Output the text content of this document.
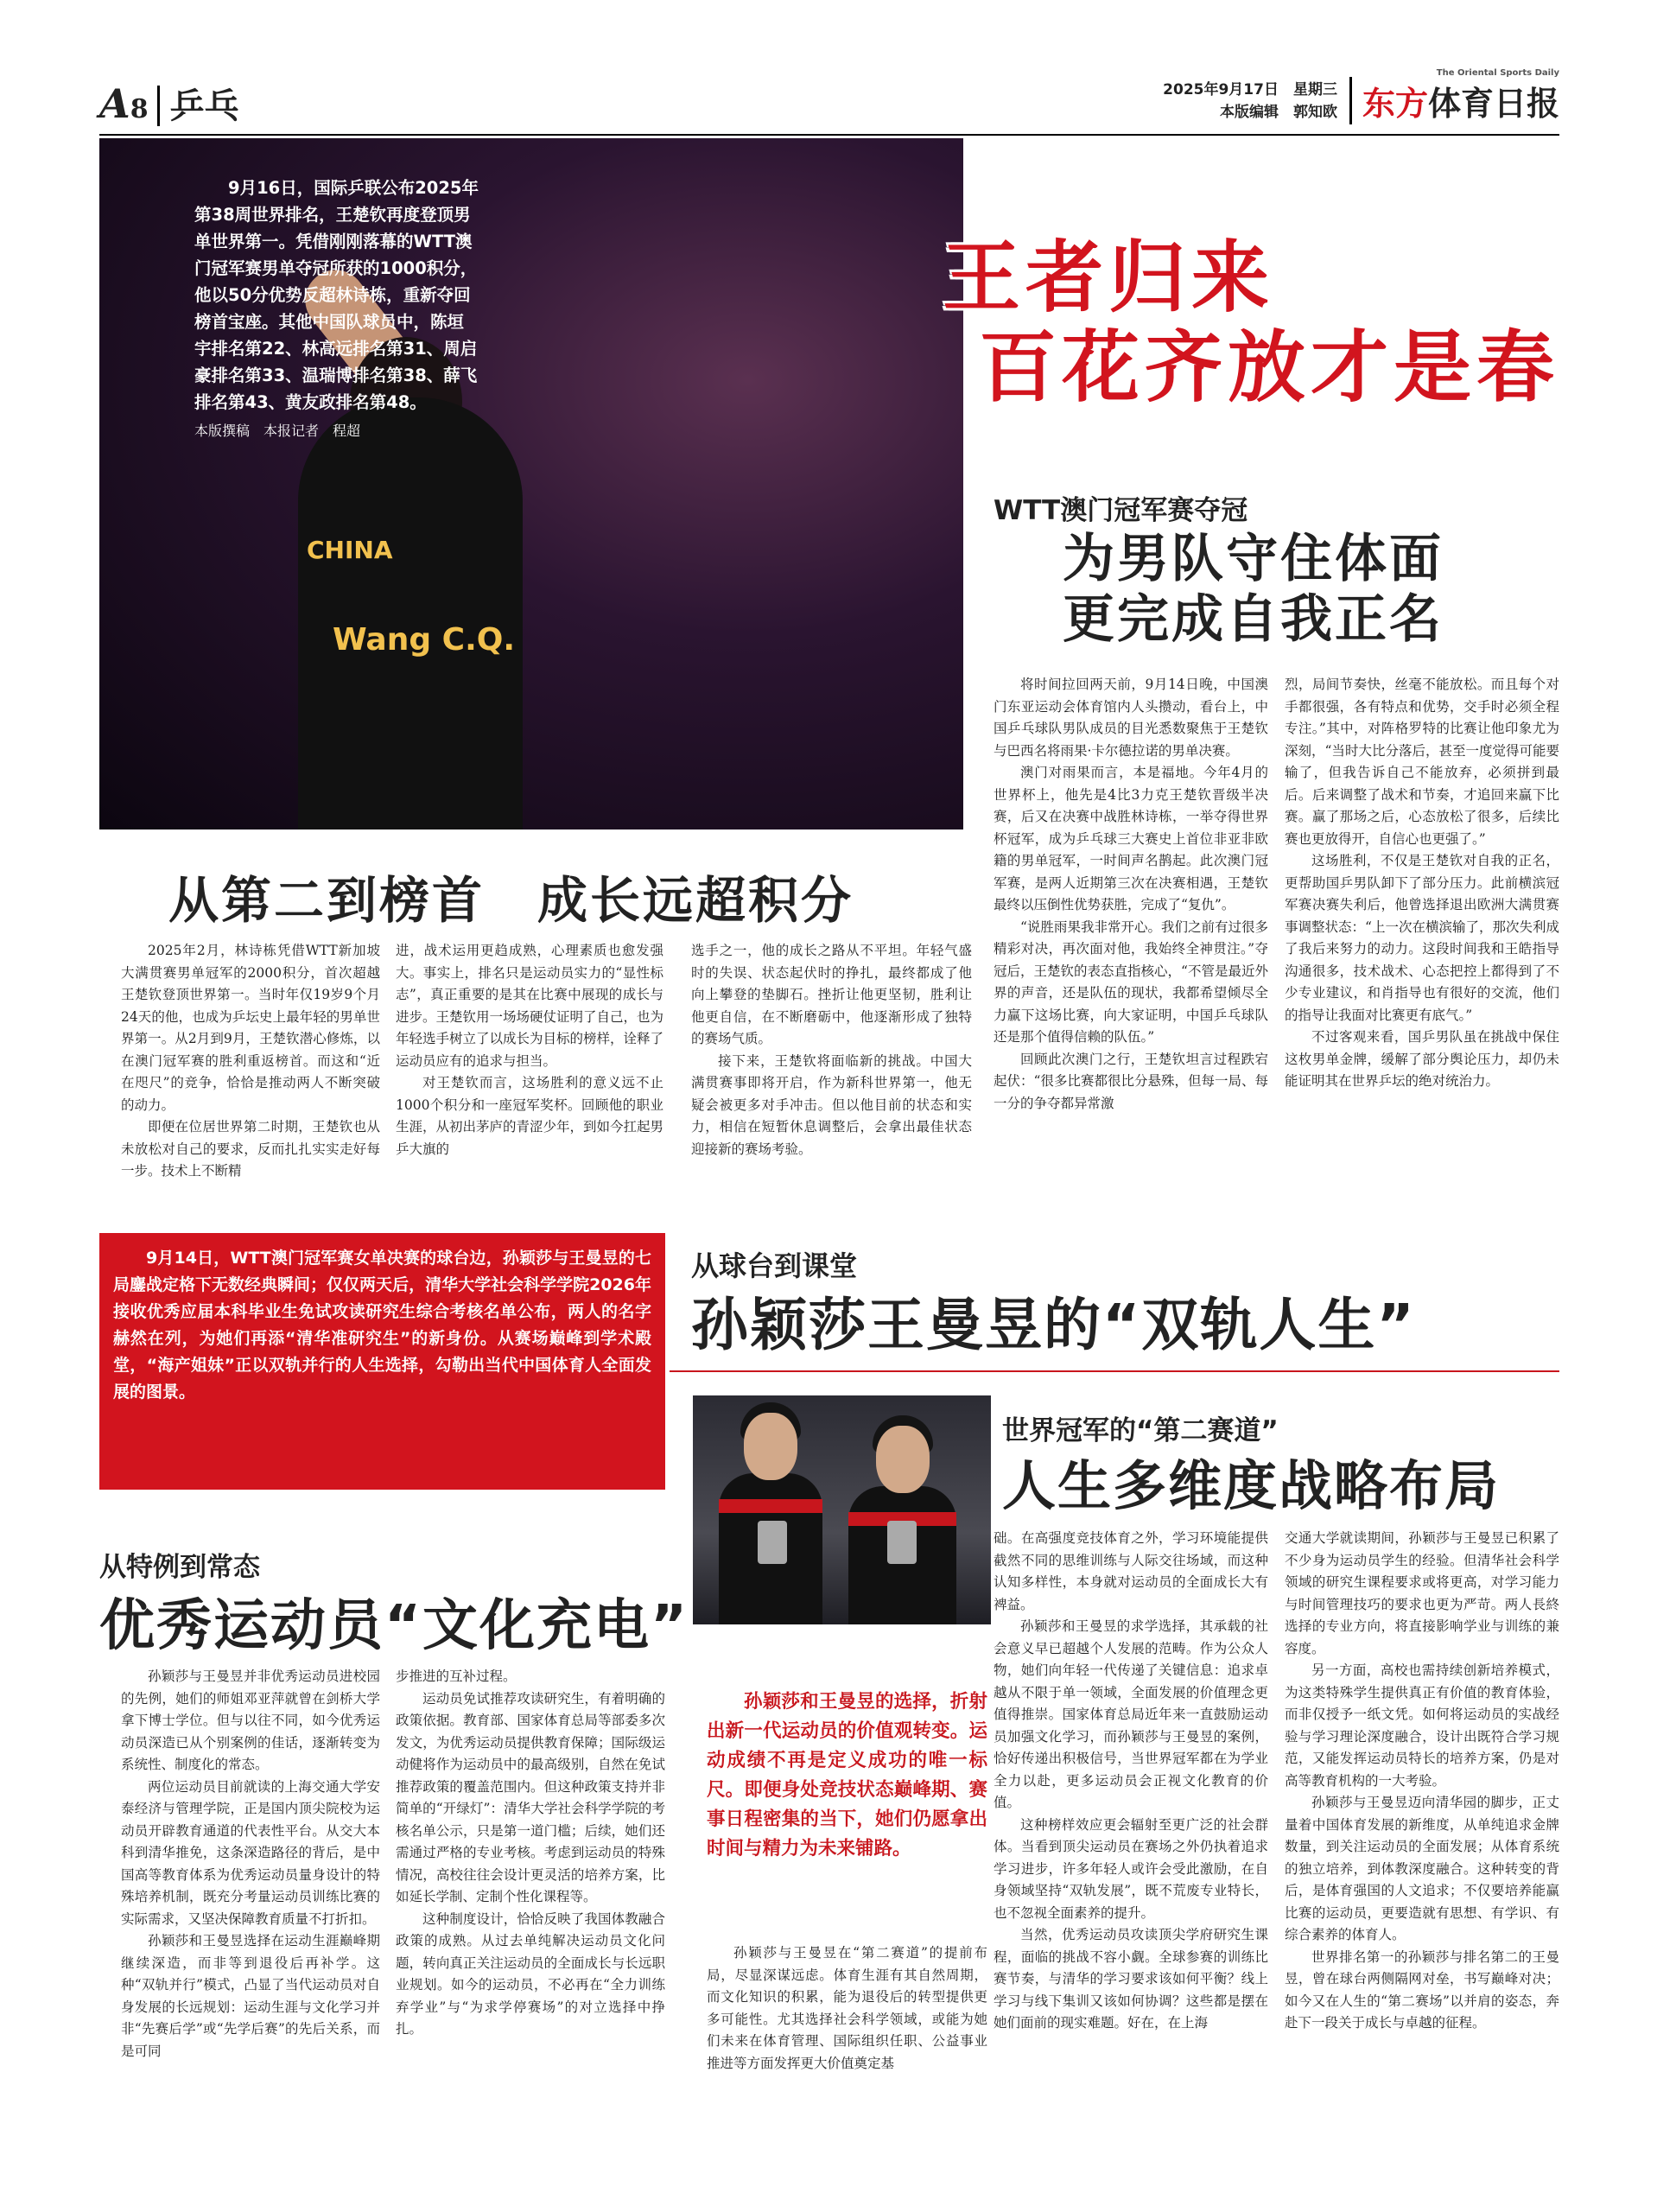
A8 乒乓	2025年9月17日　星期三
本版编辑　郭知欧
The Oriental Sports Daily
东方体育日报
CHINA
Wang C.Q.
9月16日，国际乒联公布2025年第38周世界排名，王楚钦再度登顶男单世界第一。凭借刚刚落幕的WTT澳门冠军赛男单夺冠所获的1000积分，他以50分优势反超林诗栋，重新夺回榜首宝座。其他中国队球员中，陈垣宇排名第22、林高远排名第31、周启豪排名第33、温瑞博排名第38、薛飞排名第43、黄友政排名第48。
本版撰稿　本报记者　程超
王者归来
百花齐放才是春
WTT澳门冠军赛夺冠
为男队守住体面
更完成自我正名

将时间拉回两天前，9月14日晚，中国澳门东亚运动会体育馆内人头攒动，看台上，中国乒乓球队男队成员的目光悉数聚焦于王楚钦与巴西名将雨果·卡尔德拉诺的男单决赛。

澳门对雨果而言，本是福地。今年4月的世界杯上，他先是4比3力克王楚钦晋级半决赛，后又在决赛中战胜林诗栋，一举夺得世界杯冠军，成为乒乓球三大赛史上首位非亚非欧籍的男单冠军，一时间声名鹊起。此次澳门冠军赛，是两人近期第三次在决赛相遇，王楚钦最终以压倒性优势获胜，完成了“复仇”。

“说胜雨果我非常开心。我们之前有过很多精彩对决，再次面对他，我始终全神贯注。”夺冠后，王楚钦的表态直指核心，“不管是最近外界的声音，还是队伍的现状，我都希望倾尽全力赢下这场比赛，向大家证明，中国乒乓球队还是那个值得信赖的队伍。”

回顾此次澳门之行，王楚钦坦言过程跌宕起伏：“很多比赛都很比分悬殊，但每一局、每一分的争夺都异常激

烈，局间节奏快，丝毫不能放松。而且每个对手都很强，各有特点和优势，交手时必须全程专注。”其中，对阵格罗特的比赛让他印象尤为深刻，“当时大比分落后，甚至一度觉得可能要输了，但我告诉自己不能放弃，必须拼到最后。后来调整了战术和节奏，才追回来赢下比赛。赢了那场之后，心态放松了很多，后续比赛也更放得开，自信心也更强了。”

这场胜利，不仅是王楚钦对自我的正名，更帮助国乒男队卸下了部分压力。此前横滨冠军赛决赛失利后，他曾选择退出欧洲大满贯赛事调整状态：“上一次在横滨输了，那次失利成了我后来努力的动力。这段时间我和王皓指导沟通很多，技术战术、心态把控上都得到了不少专业建议，和肖指导也有很好的交流，他们的指导让我面对比赛更有底气。”

不过客观来看，国乒男队虽在挑战中保住这枚男单金牌，缓解了部分舆论压力，却仍未能证明其在世界乒坛的绝对统治力。

从第二到榜首　成长远超积分

2025年2月，林诗栋凭借WTT新加坡大满贯赛男单冠军的2000积分，首次超越王楚钦登顶世界第一。当时年仅19岁9个月24天的他，也成为乒坛史上最年轻的男单世界第一。从2月到9月，王楚钦潜心修炼，以在澳门冠军赛的胜利重返榜首。而这和“近在咫尺”的竞争，恰恰是推动两人不断突破的动力。

即便在位居世界第二时期，王楚钦也从未放松对自己的要求，反而扎扎实实走好每一步。技术上不断精

进，战术运用更趋成熟，心理素质也愈发强大。事实上，排名只是运动员实力的“显性标志”，真正重要的是其在比赛中展现的成长与进步。王楚钦用一场场硬仗证明了自己，也为年轻选手树立了以成长为目标的榜样，诠释了运动员应有的追求与担当。

对王楚钦而言，这场胜利的意义远不止1000个积分和一座冠军奖杯。回顾他的职业生涯，从初出茅庐的青涩少年，到如今扛起男乒大旗的

选手之一，他的成长之路从不平坦。年轻气盛时的失误、状态起伏时的挣扎，最终都成了他向上攀登的垫脚石。挫折让他更坚韧，胜利让他更自信，在不断磨砺中，他逐渐形成了独特的赛场气质。

接下来，王楚钦将面临新的挑战。中国大满贯赛事即将开启，作为新科世界第一，他无疑会被更多对手冲击。但以他目前的状态和实力，相信在短暂休息调整后，会拿出最佳状态迎接新的赛场考验。

9月14日，WTT澳门冠军赛女单决赛的球台边，孙颖莎与王曼昱的七局鏖战定格下无数经典瞬间；仅仅两天后，清华大学社会科学学院2026年接收优秀应届本科毕业生免试攻读研究生综合考核名单公布，两人的名字赫然在列，为她们再添“清华准研究生”的新身份。从赛场巅峰到学术殿堂，“海产姐妹”正以双轨并行的人生选择，勾勒出当代中国体育人全面发展的图景。
从球台到课堂
孙颖莎王曼昱的“双轨人生”
世界冠军的“第二赛道”
人生多维度战略布局
孙颖莎和王曼昱的选择，折射出新一代运动员的价值观转变。运动成绩不再是定义成功的唯一标尺。即便身处竞技状态巅峰期、赛事日程密集的当下，她们仍愿拿出时间与精力为未来铺路。

孙颖莎与王曼昱在“第二赛道”的提前布局，尽显深谋远虑。体育生涯有其自然周期，而文化知识的积累，能为退役后的转型提供更多可能性。尤其选择社会科学领域，或能为她们未来在体育管理、国际组织任职、公益事业推进等方面发挥更大价值奠定基

础。在高强度竞技体育之外，学习环境能提供截然不同的思维训练与人际交往场域，而这种认知多样性，本身就对运动员的全面成长大有裨益。

孙颖莎和王曼昱的求学选择，其承载的社会意义早已超越个人发展的范畴。作为公众人物，她们向年轻一代传递了关键信息：追求卓越从不限于单一领域，全面发展的价值理念更值得推崇。国家体育总局近年来一直鼓励运动员加强文化学习，而孙颖莎与王曼昱的案例，恰好传递出积极信号，当世界冠军都在为学业全力以赴，更多运动员会正视文化教育的价值。

这种榜样效应更会辐射至更广泛的社会群体。当看到顶尖运动员在赛场之外仍执着追求学习进步，许多年轻人或许会受此激励，在自身领域坚持“双轨发展”，既不荒废专业特长，也不忽视全面素养的提升。

当然，优秀运动员攻读顶尖学府研究生课程，面临的挑战不容小觑。全球参赛的训练比赛节奏，与清华的学习要求该如何平衡？线上学习与线下集训又该如何协调？这些都是摆在她们面前的现实难题。好在，在上海

交通大学就读期间，孙颖莎与王曼昱已积累了不少身为运动员学生的经验。但清华社会科学领域的研究生课程要求或将更高，对学习能力与时间管理技巧的要求也更为严苛。两人長終选择的专业方向，将直接影响学业与训练的兼容度。

另一方面，高校也需持续创新培养模式，为这类特殊学生提供真正有价值的教育体验，而非仅授予一纸文凭。如何将运动员的实战经验与学习理论深度融合，设计出既符合学习规范，又能发挥运动员特长的培养方案，仍是对高等教育机构的一大考验。

孙颖莎与王曼昱迈向清华园的脚步，正丈量着中国体育发展的新维度，从单纯追求金牌数量，到关注运动员的全面发展；从体育系统的独立培养，到体教深度融合。这种转变的背后，是体育强国的人文追求；不仅要培养能赢比赛的运动员，更要造就有思想、有学识、有综合素养的体育人。

世界排名第一的孙颖莎与排名第二的王曼昱，曾在球台两侧隔网对垒，书写巅峰对决；如今又在人生的“第二赛场”以并肩的姿态，奔赴下一段关于成长与卓越的征程。

从特例到常态
优秀运动员“文化充电”

孙颖莎与王曼昱并非优秀运动员进校园的先例，她们的师姐邓亚萍就曾在剑桥大学拿下博士学位。但与以往不同，如今优秀运动员深造已从个别案例的佳话，逐渐转变为系统性、制度化的常态。

两位运动员目前就读的上海交通大学安泰经济与管理学院，正是国内顶尖院校为运动员开辟教育通道的代表性平台。从交大本科到清华推免，这条深造路径的背后，是中国高等教育体系为优秀运动员量身设计的特殊培养机制，既充分考量运动员训练比赛的实际需求，又坚决保障教育质量不打折扣。

孙颖莎和王曼昱选择在运动生涯巅峰期继续深造，而非等到退役后再补学。这种“双轨并行”模式，凸显了当代运动员对自身发展的长远规划：运动生涯与文化学习并非“先赛后学”或“先学后赛”的先后关系，而是可同

步推进的互补过程。

运动员免试推荐攻读研究生，有着明确的政策依据。教育部、国家体育总局等部委多次发文，为优秀运动员提供教育保障；国际级运动健将作为运动员中的最高级别，自然在免试推荐政策的覆盖范围内。但这种政策支持并非简单的“开绿灯”：清华大学社会科学学院的考核名单公示，只是第一道门槛；后续，她们还需通过严格的专业考核。考虑到运动员的特殊情况，高校往往会设计更灵活的培养方案，比如延长学制、定制个性化课程等。

这种制度设计，恰恰反映了我国体教融合政策的成熟。从过去单纯解决运动员文化问题，转向真正关注运动员的全面成长与长远职业规划。如今的运动员，不必再在“全力训练弃学业”与“为求学停赛场”的对立选择中挣扎。
